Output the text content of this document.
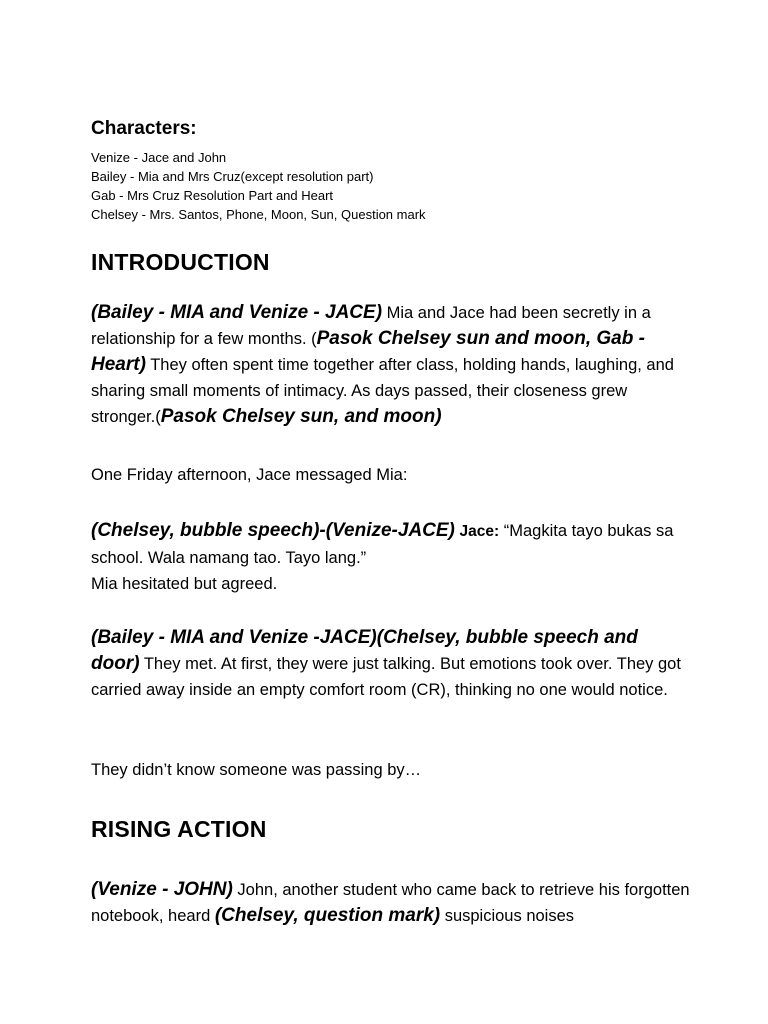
Characters:
Venize - Jace and John
Bailey - Mia and Mrs Cruz(except resolution part)
Gab - Mrs Cruz Resolution Part and Heart
Chelsey - Mrs. Santos, Phone, Moon, Sun, Question mark
INTRODUCTION

(Bailey - MIA and Venize - JACE) Mia and Jace had been secretly in a relationship for a few months. (Pasok Chelsey sun and moon, Gab - Heart) They often spent time together after class, holding hands, laughing, and sharing small moments of intimacy. As days passed, their closeness grew stronger.(Pasok Chelsey sun, and moon)

One Friday afternoon, Jace messaged Mia:

(Chelsey, bubble speech)-(Venize-JACE) Jace: “Magkita tayo bukas sa school. Wala namang tao. Tayo lang.”
Mia hesitated but agreed.

(Bailey - MIA and Venize -JACE)(Chelsey, bubble speech and door) They met. At first, they were just talking. But emotions took over. They got carried away inside an empty comfort room (CR), thinking no one would notice.

They didn’t know someone was passing by…

RISING ACTION

(Venize - JOHN) John, another student who came back to retrieve his forgotten notebook, heard (Chelsey, question mark) suspicious noises
